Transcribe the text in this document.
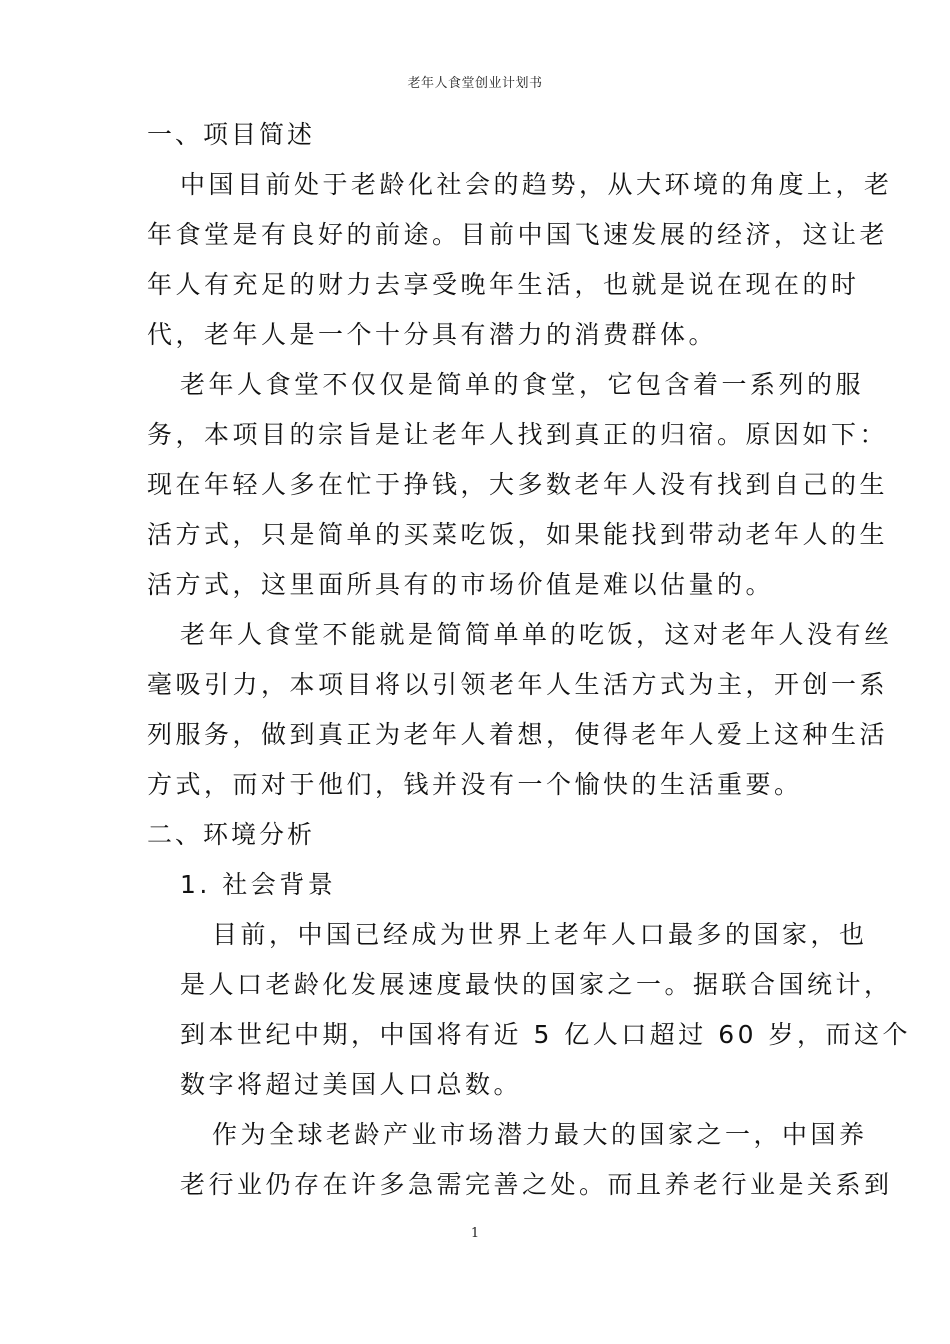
老年人食堂创业计划书
一、项目简述
中国目前处于老龄化社会的趋势，从大环境的角度上，老
年食堂是有良好的前途。目前中国飞速发展的经济，这让老
年人有充足的财力去享受晚年生活，也就是说在现在的时
代，老年人是一个十分具有潜力的消费群体。
老年人食堂不仅仅是简单的食堂，它包含着一系列的服
务，本项目的宗旨是让老年人找到真正的归宿。原因如下：
现在年轻人多在忙于挣钱，大多数老年人没有找到自己的生
活方式，只是简单的买菜吃饭，如果能找到带动老年人的生
活方式，这里面所具有的市场价值是难以估量的。
老年人食堂不能就是简简单单的吃饭，这对老年人没有丝
毫吸引力，本项目将以引领老年人生活方式为主，开创一系
列服务，做到真正为老年人着想，使得老年人爱上这种生活
方式，而对于他们，钱并没有一个愉快的生活重要。
二、环境分析
1. 社会背景
目前，中国已经成为世界上老年人口最多的国家，也
是人口老龄化发展速度最快的国家之一。据联合国统计，
到本世纪中期，中国将有近 5 亿人口超过 60 岁，而这个
数字将超过美国人口总数。
作为全球老龄产业市场潜力最大的国家之一，中国养
老行业仍存在许多急需完善之处。而且养老行业是关系到
1
